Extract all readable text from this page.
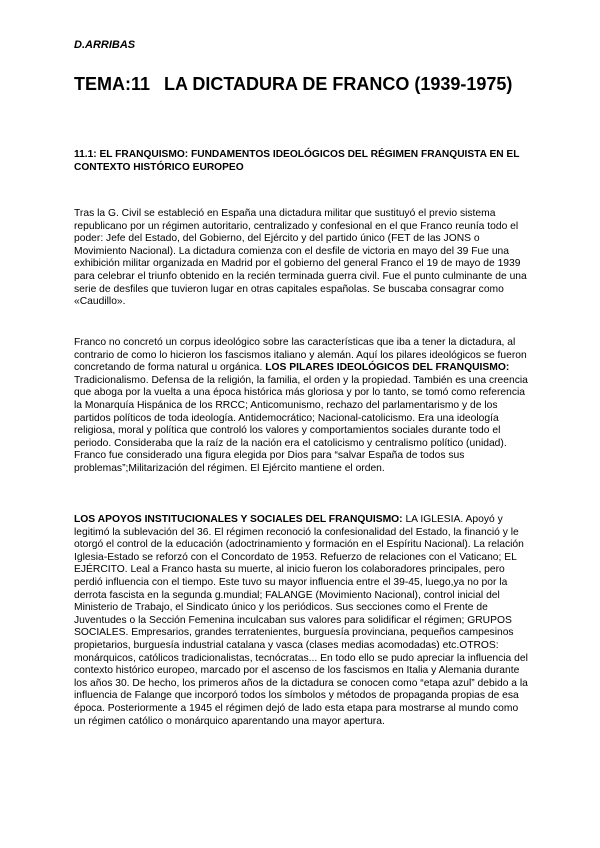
D.ARRIBAS
TEMA:11 LA DICTADURA DE FRANCO (1939-1975)
11.1: EL FRANQUISMO: FUNDAMENTOS IDEOLÓGICOS DEL RÉGIMEN FRANQUISTA EN EL CONTEXTO HISTÓRICO EUROPEO

Tras la G. Civil se estableció en España una dictadura militar que sustituyó el previo sistema republicano por un régimen autoritario, centralizado y confesional en el que Franco reunía todo el poder: Jefe del Estado, del Gobierno, del Ejército y del partido único (FET de las JONS o Movimiento Nacional). La dictadura comienza con el desfile de victoria en mayo del 39 Fue una exhibición militar organizada en Madrid por el gobierno del general Franco el 19 de mayo de 1939 para celebrar el triunfo obtenido en la recién terminada guerra civil. Fue el punto culminante de una serie de desfiles que tuvieron lugar en otras capitales españolas. Se buscaba consagrar como «Caudillo».

Franco no concretó un corpus ideológico sobre las características que iba a tener la dictadura, al contrario de como lo hicieron los fascismos italiano y alemán. Aquí los pilares ideológicos se fueron concretando de forma natural u orgánica. LOS PILARES IDEOLÓGICOS DEL FRANQUISMO: Tradicionalismo. Defensa de la religión, la familia, el orden y la propiedad. También es una creencia que aboga por la vuelta a una época histórica más gloriosa y por lo tanto, se tomó como referencia la Monarquía Hispánica de los RRCC; Anticomunismo, rechazo del parlamentarismo y de los partidos políticos de toda ideología. Antidemocrático; Nacional-catolicismo. Era una ideología religiosa, moral y política que controló los valores y comportamientos sociales durante todo el periodo. Consideraba que la raíz de la nación era el catolicismo y centralismo político (unidad). Franco fue considerado una figura elegida por Dios para “salvar España de todos sus problemas”;Militarización del régimen. El Ejército mantiene el orden.

LOS APOYOS INSTITUCIONALES Y SOCIALES DEL FRANQUISMO: LA IGLESIA. Apoyó y legitimó la sublevación del 36. El régimen reconoció la confesionalidad del Estado, la financió y le otorgó el control de la educación (adoctrinamiento y formación en el Espíritu Nacional). La relación Iglesia-Estado se reforzó con el Concordato de 1953. Refuerzo de relaciones con el Vaticano; EL EJÉRCITO. Leal a Franco hasta su muerte, al inicio fueron los colaboradores principales, pero perdió influencia con el tiempo. Este tuvo su mayor influencia entre el 39-45, luego,ya no por la derrota fascista en la segunda g.mundial; FALANGE (Movimiento Nacional), control inicial del Ministerio de Trabajo, el Sindicato único y los periódicos. Sus secciones como el Frente de Juventudes o la Sección Femenina inculcaban sus valores para solidificar el régimen; GRUPOS SOCIALES. Empresarios, grandes terratenientes, burguesía provinciana, pequeños campesinos propietarios, burguesía industrial catalana y vasca (clases medias acomodadas) etc.OTROS: monárquicos, católicos tradicionalistas, tecnócratas... En todo ello se pudo apreciar la influencia del contexto histórico europeo, marcado por el ascenso de los fascismos en Italia y Alemania durante los años 30. De hecho, los primeros años de la dictadura se conocen como “etapa azul” debido a la influencia de Falange que incorporó todos los símbolos y métodos de propaganda propias de esa época. Posteriormente a 1945 el régimen dejó de lado esta etapa para mostrarse al mundo como un régimen católico o monárquico aparentando una mayor apertura.
